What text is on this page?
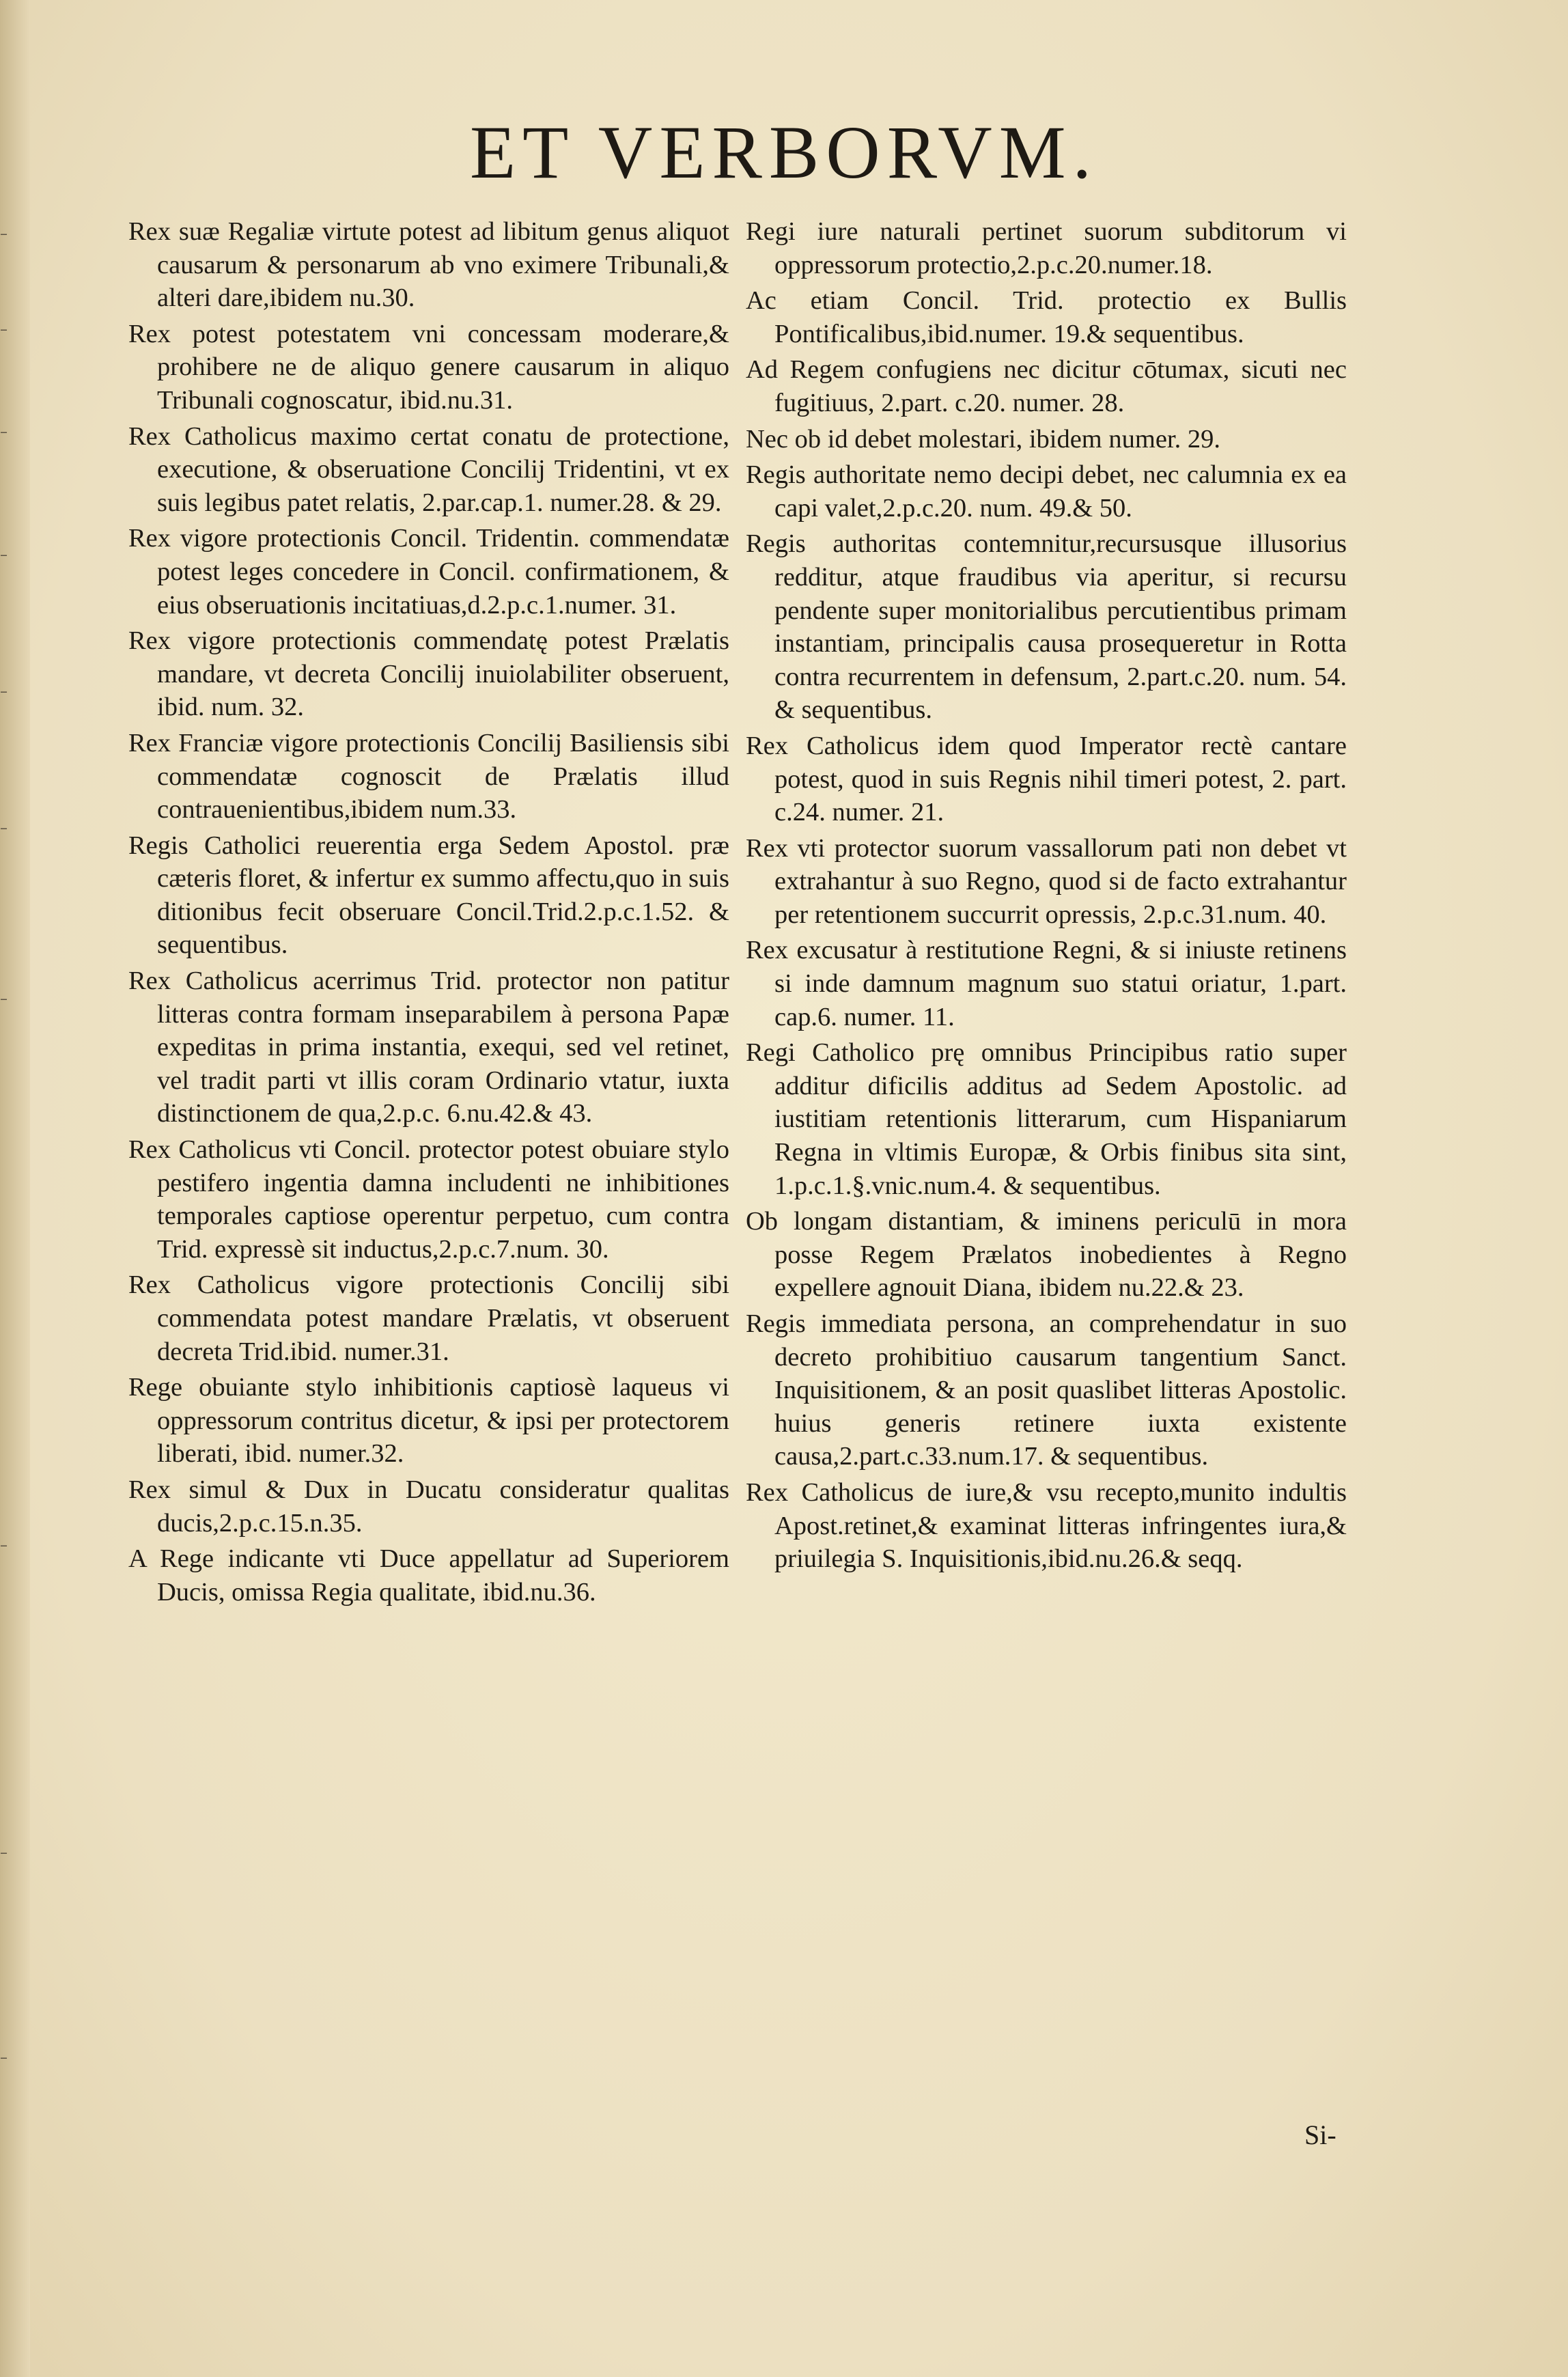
–
–
–
–
–
–
–
–
–
–
ET VERBORVM.

Rex suæ Regaliæ virtute potest ad libitum genus aliquot causarum & personarum ab vno eximere Tribunali,& alteri dare,ibidem nu.30.

Rex potest potestatem vni concessam moderare,& prohibere ne de aliquo genere causarum in aliquo Tribunali cognoscatur, ibid.nu.31.

Rex Catholicus maximo certat conatu de protectione, executione, & obseruatione Concilij Tridentini, vt ex suis legibus patet relatis, 2.par.cap.1. numer.28. & 29.

Rex vigore protectionis Concil. Tridentin. commendatæ potest leges concedere in Concil. confirmationem, & eius obseruationis incitatiuas,d.2.p.c.1.numer. 31.

Rex vigore protectionis commendatę potest Prælatis mandare, vt decreta Concilij inuiolabiliter obseruent, ibid. num. 32.

Rex Franciæ vigore protectionis Concilij Basiliensis sibi commendatæ cognoscit de Prælatis illud contrauenientibus,ibidem num.33.

Regis Catholici reuerentia erga Sedem Apostol. præ cæteris floret, & infertur ex summo affectu,quo in suis ditionibus fecit obseruare Concil.Trid.2.p.c.1.52. & sequentibus.

Rex Catholicus acerrimus Trid. protector non patitur litteras contra formam inseparabilem à persona Papæ expeditas in prima instantia, exequi, sed vel retinet, vel tradit parti vt illis coram Ordinario vtatur, iuxta distinctionem de qua,2.p.c. 6.nu.42.& 43.

Rex Catholicus vti Concil. protector potest obuiare stylo pestifero ingentia damna includenti ne inhibitiones temporales captiose operentur perpetuo, cum contra Trid. expressè sit inductus,2.p.c.7.num. 30.

Rex Catholicus vigore protectionis Concilij sibi commendata potest mandare Prælatis, vt obseruent decreta Trid.ibid. numer.31.

Rege obuiante stylo inhibitionis captiosè laqueus vi oppressorum contritus dicetur, & ipsi per protectorem liberati, ibid. numer.32.

Rex simul & Dux in Ducatu consideratur qualitas ducis,2.p.c.15.n.35.

A Rege indicante vti Duce appellatur ad Superiorem Ducis, omissa Regia qualitate, ibid.nu.36.

Regi iure naturali pertinet suorum subditorum vi oppressorum protectio,2.p.c.20.numer.18.

Ac etiam Concil. Trid. protectio ex Bullis Pontificalibus,ibid.numer. 19.& sequentibus.

Ad Regem confugiens nec dicitur cōtumax, sicuti nec fugitiuus, 2.part. c.20. numer. 28.

Nec ob id debet molestari, ibidem numer. 29.

Regis authoritate nemo decipi debet, nec calumnia ex ea capi valet,2.p.c.20. num. 49.& 50.

Regis authoritas contemnitur,recursusque illusorius redditur, atque fraudibus via aperitur, si recursu pendente super monitorialibus percutientibus primam instantiam, principalis causa prosequeretur in Rotta contra recurrentem in defensum, 2.part.c.20. num. 54. & sequentibus.

Rex Catholicus idem quod Imperator rectè cantare potest, quod in suis Regnis nihil timeri potest, 2. part. c.24. numer. 21.

Rex vti protector suorum vassallorum pati non debet vt extrahantur à suo Regno, quod si de facto extrahantur per retentionem succurrit opressis, 2.p.c.31.num. 40.

Rex excusatur à restitutione Regni, & si iniuste retinens si inde damnum magnum suo statui oriatur, 1.part. cap.6. numer. 11.

Regi Catholico prę omnibus Principibus ratio super additur dificilis additus ad Sedem Apostolic. ad iustitiam retentionis litterarum, cum Hispaniarum Regna in vltimis Europæ, & Orbis finibus sita sint, 1.p.c.1.§.vnic.num.4. & sequentibus.

Ob longam distantiam, & iminens periculū in mora posse Regem Prælatos inobedientes à Regno expellere agnouit Diana, ibidem nu.22.& 23.

Regis immediata persona, an comprehendatur in suo decreto prohibitiuo causarum tangentium Sanct. Inquisitionem, & an posit quaslibet litteras Apostolic. huius generis retinere iuxta existente causa,2.part.c.33.num.17. & sequentibus.

Rex Catholicus de iure,& vsu recepto,munito indultis Apost.retinet,& examinat litteras infringentes iura,& priuilegia S. Inquisitionis,ibid.nu.26.& seqq.

Si-
